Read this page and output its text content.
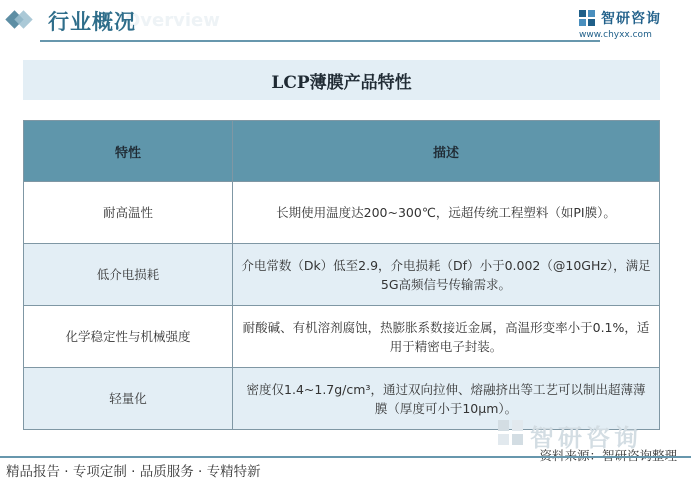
Overview
行业概况	智研咨询
www.chyxx.com
LCP薄膜产品特性
特性	描述
耐高温性	长期使用温度达200~300℃，远超传统工程塑料（如PI膜）。
低介电损耗	介电常数（Dk）低至2.9，介电损耗（Df）小于0.002（@10GHz），满足5G高频信号传输需求。
化学稳定性与机械强度	耐酸碱、有机溶剂腐蚀，热膨胀系数接近金属，高温形变率小于0.1%，适用于精密电子封装。
轻量化	密度仅1.4~1.7g/cm³，通过双向拉伸、熔融挤出等工艺可以制出超薄薄膜（厚度可小于10μm）。
智研咨询
精品报告 · 专项定制 · 品质服务 · 专精特新
